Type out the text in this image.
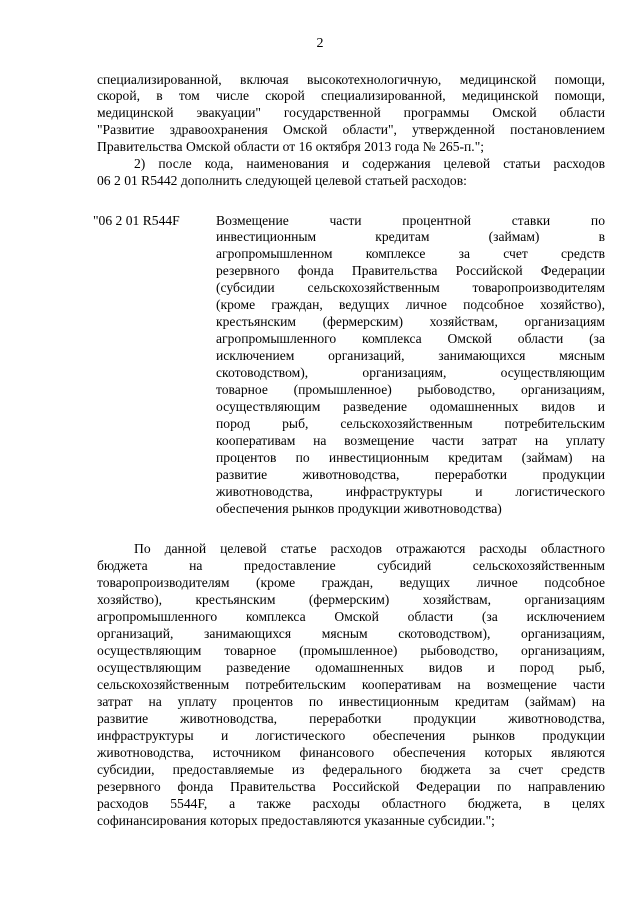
2
специализированной, включая высокотехнологичную, медицинской помощи,
скорой, в том числе скорой специализированной, медицинской помощи,
медицинской эвакуации" государственной программы Омской области
"Развитие здравоохранения Омской области", утвержденной постановлением
Правительства Омской области от 16 октября 2013 года № 265-п.";
2) после кода, наименования и содержания целевой статьи расходов
06 2 01 R5442 дополнить следующей целевой статьей расходов:
"06 2 01 R544F	Возмещение части процентной ставки по
инвестиционным кредитам (займам) в
агропромышленном комплексе за счет средств
резервного фонда Правительства Российской Федерации
(субсидии сельскохозяйственным товаропроизводителям
(кроме граждан, ведущих личное подсобное хозяйство),
крестьянским (фермерским) хозяйствам, организациям
агропромышленного комплекса Омской области (за
исключением организаций, занимающихся мясным
скотоводством), организациям, осуществляющим
товарное (промышленное) рыбоводство, организациям,
осуществляющим разведение одомашненных видов и
пород рыб, сельскохозяйственным потребительским
кооперативам на возмещение части затрат на уплату
процентов по инвестиционным кредитам (займам) на
развитие животноводства, переработки продукции
животноводства, инфраструктуры и логистического
обеспечения рынков продукции животноводства)
По данной целевой статье расходов отражаются расходы областного
бюджета на предоставление субсидий сельскохозяйственным
товаропроизводителям (кроме граждан, ведущих личное подсобное
хозяйство), крестьянским (фермерским) хозяйствам, организациям
агропромышленного комплекса Омской области (за исключением
организаций, занимающихся мясным скотоводством), организациям,
осуществляющим товарное (промышленное) рыбоводство, организациям,
осуществляющим разведение одомашненных видов и пород рыб,
сельскохозяйственным потребительским кооперативам на возмещение части
затрат на уплату процентов по инвестиционным кредитам (займам) на
развитие животноводства, переработки продукции животноводства,
инфраструктуры и логистического обеспечения рынков продукции
животноводства, источником финансового обеспечения которых являются
субсидии, предоставляемые из федерального бюджета за счет средств
резервного фонда Правительства Российской Федерации по направлению
расходов 5544F, а также расходы областного бюджета, в целях
софинансирования которых предоставляются указанные субсидии.";
